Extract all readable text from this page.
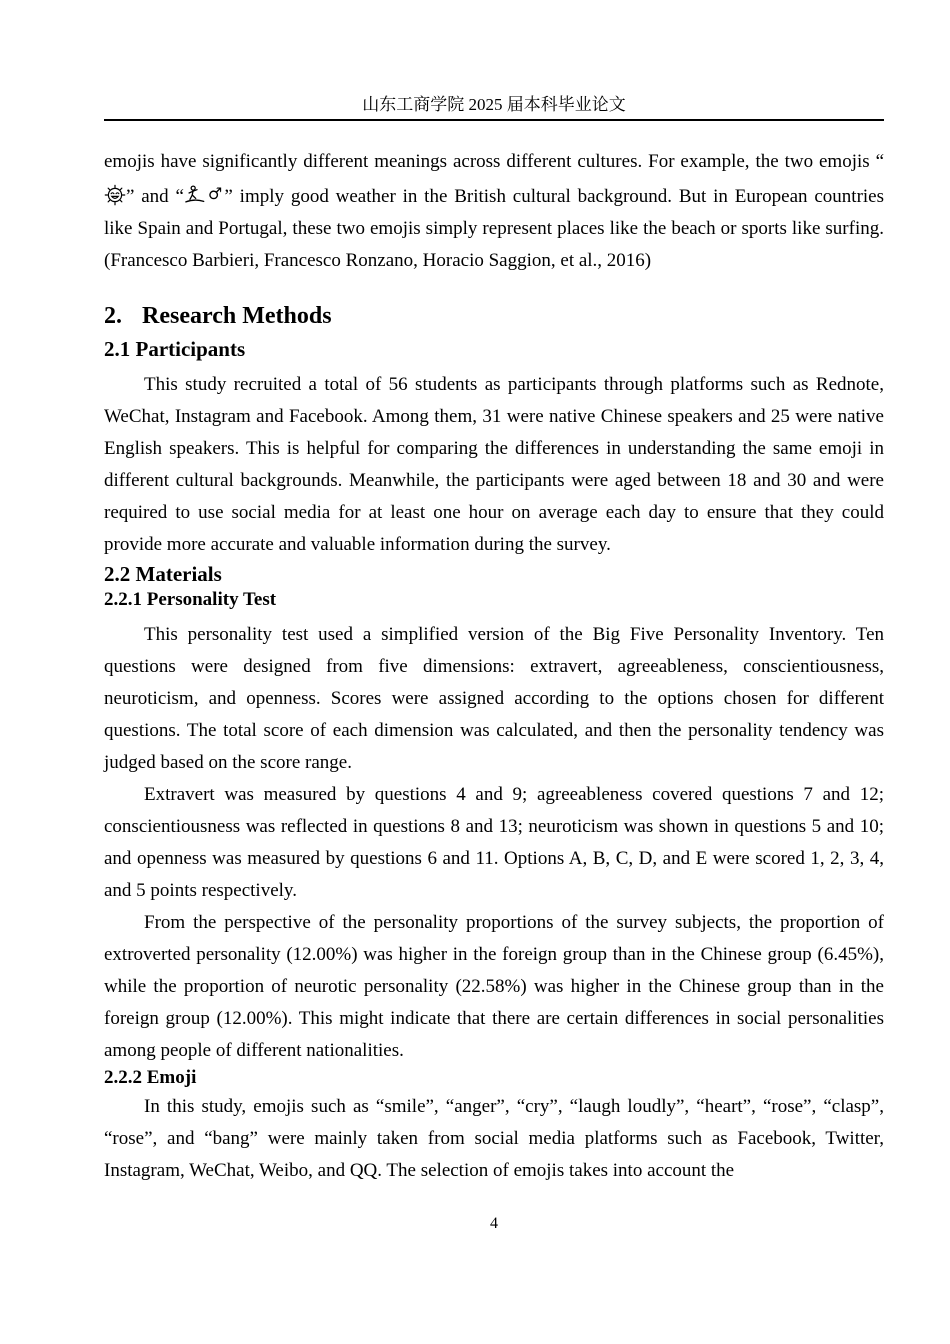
山东工商学院 2025 届本科毕业论文

emojis have significantly different meanings across different cultures. For example, the two emojis “
” and “ ♂” imply good weather in the British cultural background. But in European countries like Spain and Portugal, these two emojis simply represent places like the beach or sports like surfing.(Francesco Barbieri, Francesco Ronzano, Horacio Saggion, et al., 2016)

2. Research Methods
2.1 Participants

This study recruited a total of 56 students as participants through platforms such as Rednote, WeChat, Instagram and Facebook. Among them, 31 were native Chinese speakers and 25 were native English speakers. This is helpful for comparing the differences in understanding the same emoji in different cultural backgrounds. Meanwhile, the participants were aged between 18 and 30 and were required to use social media for at least one hour on average each day to ensure that they could provide more accurate and valuable information during the survey.

2.2 Materials
2.2.1 Personality Test

This personality test used a simplified version of the Big Five Personality Inventory. Ten questions were designed from five dimensions: extravert, agreeableness, conscientiousness, neuroticism, and openness. Scores were assigned according to the options chosen for different questions. The total score of each dimension was calculated, and then the personality tendency was judged based on the score range.

Extravert was measured by questions 4 and 9; agreeableness covered questions 7 and 12; conscientiousness was reflected in questions 8 and 13; neuroticism was shown in questions 5 and 10; and openness was measured by questions 6 and 11. Options A, B, C, D, and E were scored 1, 2, 3, 4, and 5 points respectively.

From the perspective of the personality proportions of the survey subjects, the proportion of extroverted personality (12.00%) was higher in the foreign group than in the Chinese group (6.45%), while the proportion of neurotic personality (22.58%) was higher in the Chinese group than in the foreign group (12.00%). This might indicate that there are certain differences in social personalities among people of different nationalities.

2.2.2 Emoji

In this study, emojis such as “smile”, “anger”, “cry”, “laugh loudly”, “heart”, “rose”, “clasp”, “rose”, and “bang” were mainly taken from social media platforms such as Facebook, Twitter, Instagram, WeChat, Weibo, and QQ. The selection of emojis takes into account the

4
